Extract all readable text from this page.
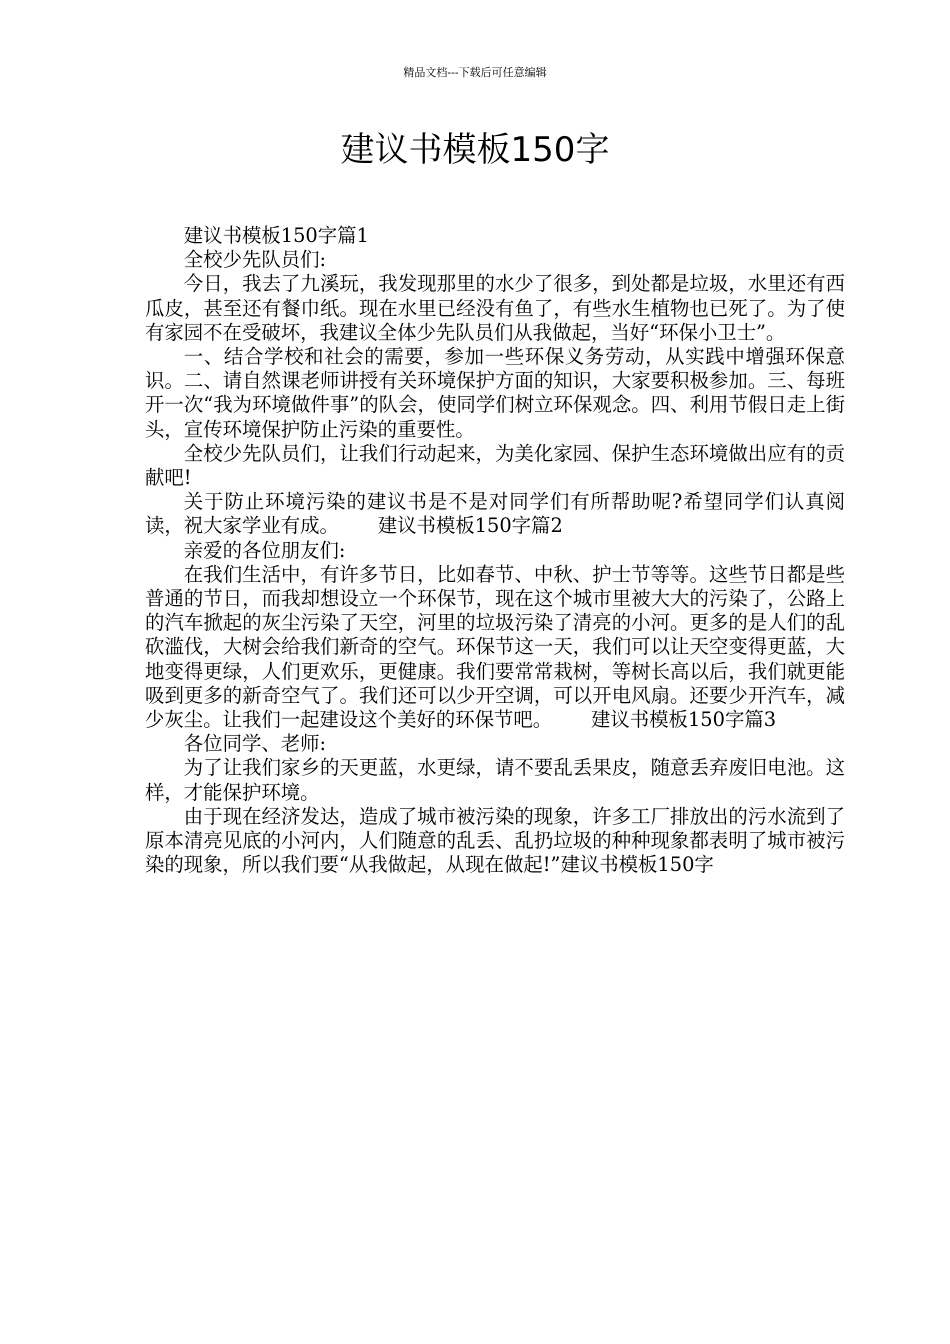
精品文档---下载后可任意编辑
建议书模板150字

建议书模板150字篇1

全校少先队员们:

今日，我去了九溪玩，我发现那里的水少了很多，到处都是垃圾，水里还有西瓜皮，甚至还有餐巾纸。现在水里已经没有鱼了，有些水生植物也已死了。为了使有家园不在受破坏，我建议全体少先队员们从我做起，当好“环保小卫士”。

一、结合学校和社会的需要，参加一些环保义务劳动，从实践中增强环保意识。二、请自然课老师讲授有关环境保护方面的知识，大家要积极参加。三、每班开一次“我为环境做件事”的队会，使同学们树立环保观念。四、利用节假日走上街头，宣传环境保护防止污染的重要性。

全校少先队员们，让我们行动起来，为美化家园、保护生态环境做出应有的贡献吧!

关于防止环境污染的建议书是不是对同学们有所帮助呢?希望同学们认真阅读，祝大家学业有成。 建议书模板150字篇2

亲爱的各位朋友们:

在我们生活中，有许多节日，比如春节、中秋、护士节等等。这些节日都是些普通的节日，而我却想设立一个环保节，现在这个城市里被大大的污染了，公路上的汽车掀起的灰尘污染了天空，河里的垃圾污染了清亮的小河。更多的是人们的乱砍滥伐，大树会给我们新奇的空气。环保节这一天，我们可以让天空变得更蓝，大地变得更绿，人们更欢乐，更健康。我们要常常栽树，等树长高以后，我们就更能吸到更多的新奇空气了。我们还可以少开空调，可以开电风扇。还要少开汽车，减少灰尘。让我们一起建设这个美好的环保节吧。 建议书模板150字篇3

各位同学、老师:

为了让我们家乡的天更蓝，水更绿，请不要乱丢果皮，随意丢弃废旧电池。这样，才能保护环境。

由于现在经济发达，造成了城市被污染的现象，许多工厂排放出的污水流到了原本清亮见底的小河内，人们随意的乱丢、乱扔垃圾的种种现象都表明了城市被污染的现象，所以我们要“从我做起，从现在做起!”建议书模板150字
